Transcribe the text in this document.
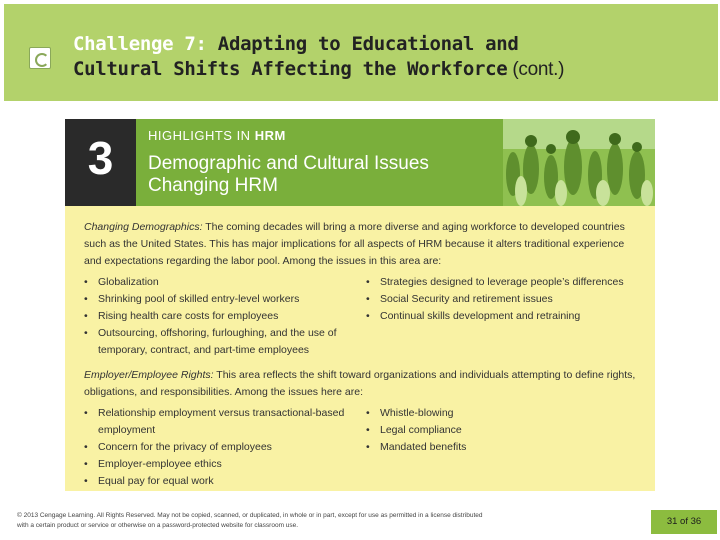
Challenge 7: Adapting to Educational and
Cultural Shifts Affecting the Workforce (cont.)
3	HIGHLIGHTS IN HRM
Demographic and Cultural Issues
Changing HRM

Changing Demographics: The coming decades will bring a more diverse and aging workforce to developed countries such as the United States. This has major implications for all aspects of HRM because it alters traditional experience and expectations regarding the labor pool. Among the issues in this area are:

• Globalization
• Shrinking pool of skilled entry-level workers
• Rising health care costs for employees
• Outsourcing, offshoring, furloughing, and the use of temporary, contract, and part-time employees
• Strategies designed to leverage people’s differences
• Social Security and retirement issues
• Continual skills development and retraining

Employer/Employee Rights: This area reflects the shift toward organizations and individuals attempting to define rights, obligations, and responsibilities. Among the issues here are:

• Relationship employment versus transactional-based employment
• Concern for the privacy of employees
• Employer-employee ethics
• Equal pay for equal work
• Whistle-blowing
• Legal compliance
• Mandated benefits
© 2013 Cengage Learning. All Rights Reserved. May not be copied, scanned, or duplicated, in whole or in part, except for use as permitted in a license distributed with a certain product or service or otherwise on a password-protected website for classroom use.	31 of 36
